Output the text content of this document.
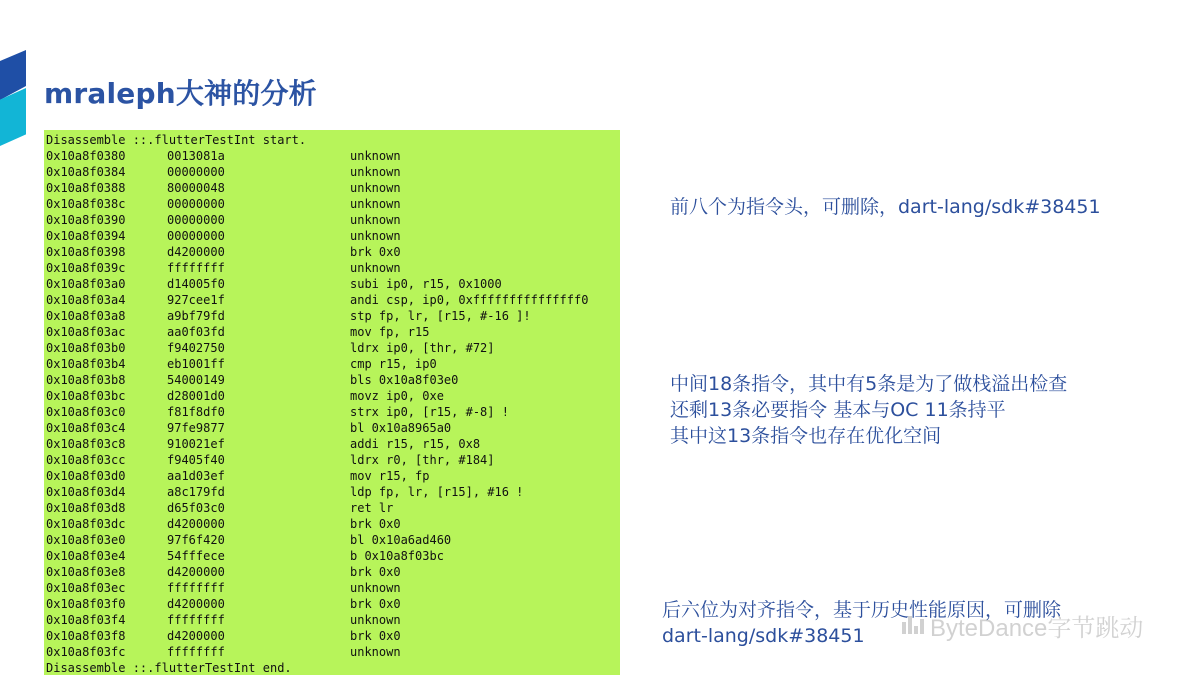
mraleph大神的分析
Disassemble ::.flutterTestInt start.
0x10a8f0380	0013081a	unknown
0x10a8f0384	00000000	unknown
0x10a8f0388	80000048	unknown
0x10a8f038c	00000000	unknown
0x10a8f0390	00000000	unknown
0x10a8f0394	00000000	unknown
0x10a8f0398	d4200000	brk 0x0
0x10a8f039c	ffffffff	unknown
0x10a8f03a0	d14005f0	subi ip0, r15, 0x1000
0x10a8f03a4	927cee1f	andi csp, ip0, 0xfffffffffffffff0
0x10a8f03a8	a9bf79fd	stp fp, lr, [r15, #-16 ]!
0x10a8f03ac	aa0f03fd	mov fp, r15
0x10a8f03b0	f9402750	ldrx ip0, [thr, #72]
0x10a8f03b4	eb1001ff	cmp r15, ip0
0x10a8f03b8	54000149	bls 0x10a8f03e0
0x10a8f03bc	d28001d0	movz ip0, 0xe
0x10a8f03c0	f81f8df0	strx ip0, [r15, #-8] !
0x10a8f03c4	97fe9877	bl 0x10a8965a0
0x10a8f03c8	910021ef	addi r15, r15, 0x8
0x10a8f03cc	f9405f40	ldrx r0, [thr, #184]
0x10a8f03d0	aa1d03ef	mov r15, fp
0x10a8f03d4	a8c179fd	ldp fp, lr, [r15], #16 !
0x10a8f03d8	d65f03c0	ret lr
0x10a8f03dc	d4200000	brk 0x0
0x10a8f03e0	97f6f420	bl 0x10a6ad460
0x10a8f03e4	54fffece	b 0x10a8f03bc
0x10a8f03e8	d4200000	brk 0x0
0x10a8f03ec	ffffffff	unknown
0x10a8f03f0	d4200000	brk 0x0
0x10a8f03f4	ffffffff	unknown
0x10a8f03f8	d4200000	brk 0x0
0x10a8f03fc	ffffffff	unknown
Disassemble ::.flutterTestInt end.
前八个为指令头，可删除，dart-lang/sdk#38451
中间18条指令，其中有5条是为了做栈溢出检查
还剩13条必要指令 基本与OC 11条持平
其中这13条指令也存在优化空间
后六位为对齐指令，基于历史性能原因，可删除
dart-lang/sdk#38451	ByteDance字节跳动
